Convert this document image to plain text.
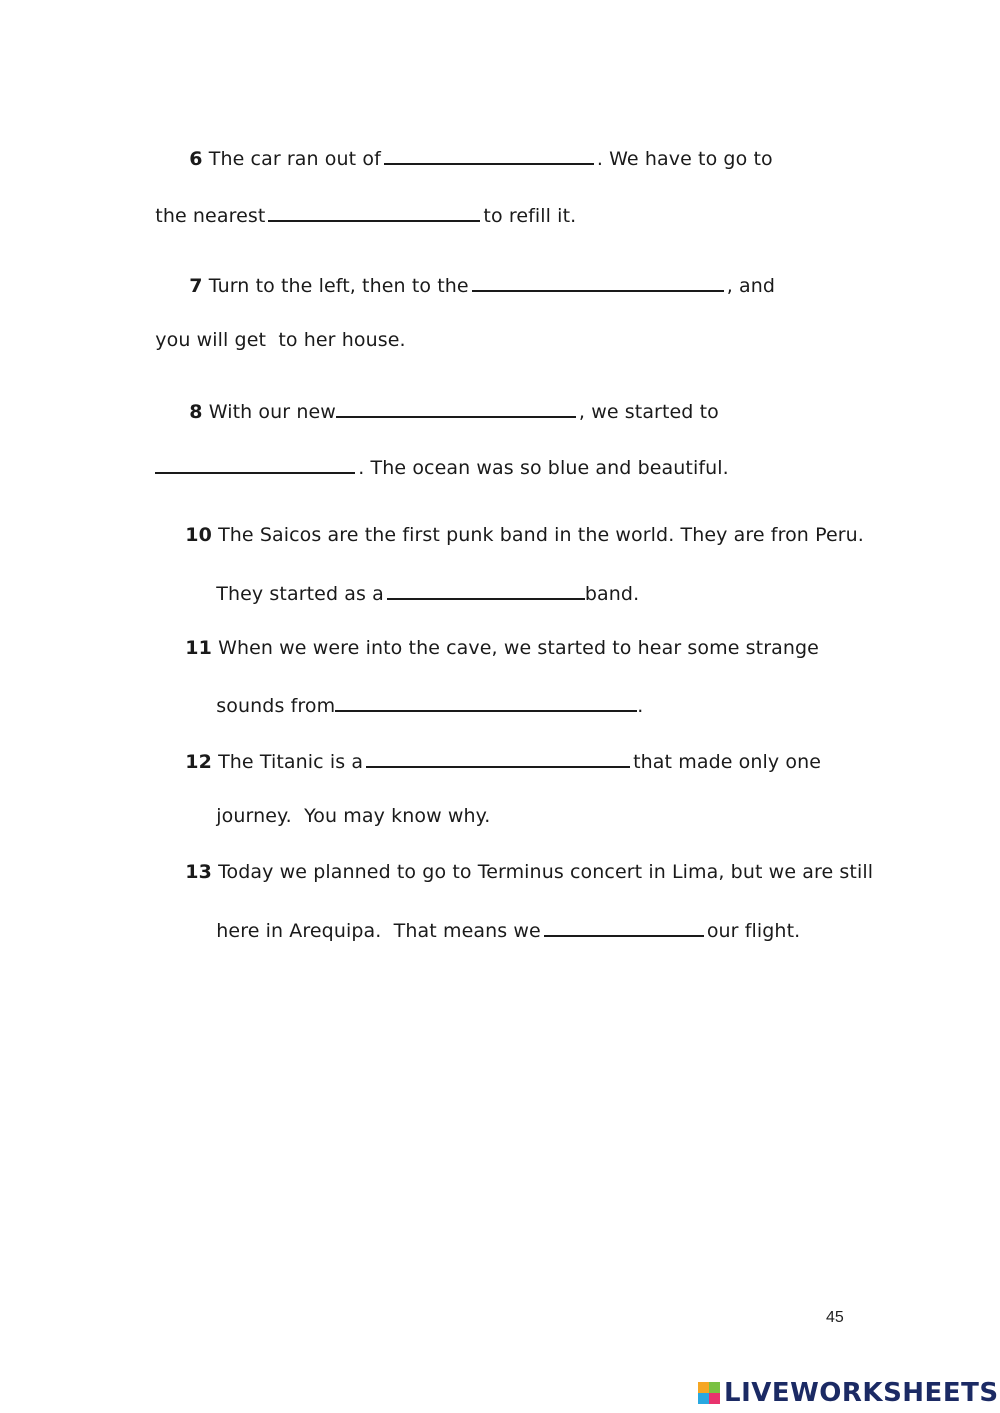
6 The car ran out of	. We have to go to

the nearest	to refill it.

7 Turn to the left, then to the	, and

you will get  to her house.

8 With our new	, we started to

. The ocean was so blue and beautiful.

10 The Saicos are the first punk band in the world. They are fron Peru.

They started as a	band.

11 When we were into the cave, we started to hear some strange

sounds from	.

12 The Titanic is a	that made only one

journey.  You may know why.

13 Today we planned to go to Terminus concert in Lima, but we are still

here in Arequipa.  That means we	our flight.

45
LIVEWORKSHEETS
